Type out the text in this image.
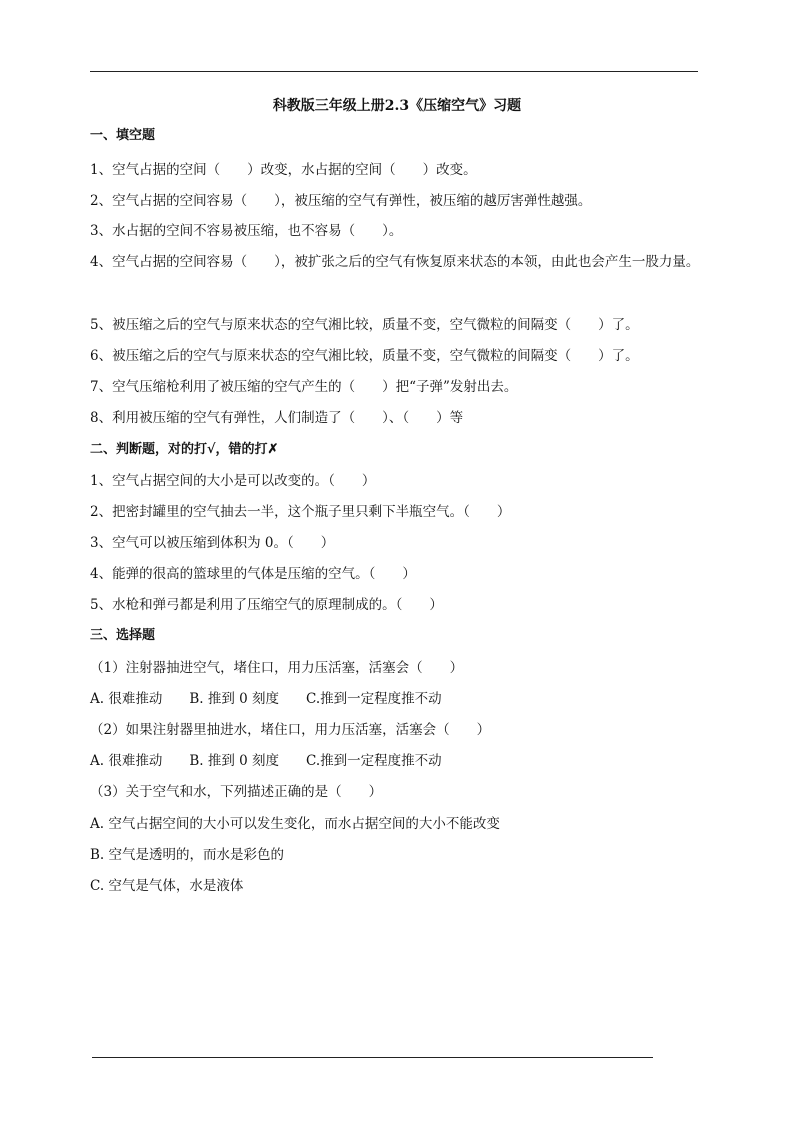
科教版三年级上册2.3《压缩空气》习题
一、填空题
1、空气占据的空间（　　）改变，水占据的空间（　　）改变。
2、空气占据的空间容易（　　），被压缩的空气有弹性，被压缩的越厉害弹性越强。
3、水占据的空间不容易被压缩，也不容易（　　）。
4、空气占据的空间容易（　　），被扩张之后的空气有恢复原来状态的本领，由此也会产生一股力量。
5、被压缩之后的空气与原来状态的空气湘比较，质量不变，空气微粒的间隔变（　　）了。
6、被压缩之后的空气与原来状态的空气湘比较，质量不变，空气微粒的间隔变（　　）了。
7、空气压缩枪利用了被压缩的空气产生的（　　）把“子弹”发射出去。
8、利用被压缩的空气有弹性，人们制造了（　　）、（　　）等
二、判断题，对的打√，错的打✗
1、空气占据空间的大小是可以改变的。（　　）
2、把密封罐里的空气抽去一半，这个瓶子里只剩下半瓶空气。（　　）
3、空气可以被压缩到体积为 0。（　　）
4、能弹的很高的篮球里的气体是压缩的空气。（　　）
5、水枪和弹弓都是利用了压缩空气的原理制成的。（　　）
三、选择题
（1）注射器抽进空气，堵住口，用力压活塞，活塞会（　　）
A. 很难推动　　B. 推到 0 刻度　　C.推到一定程度推不动
（2）如果注射器里抽进水，堵住口，用力压活塞，活塞会（　　）
A. 很难推动　　B. 推到 0 刻度　　C.推到一定程度推不动
（3）关于空气和水，下列描述正确的是（　　）
A. 空气占据空间的大小可以发生变化，而水占据空间的大小不能改变
B. 空气是透明的，而水是彩色的
C. 空气是气体，水是液体
